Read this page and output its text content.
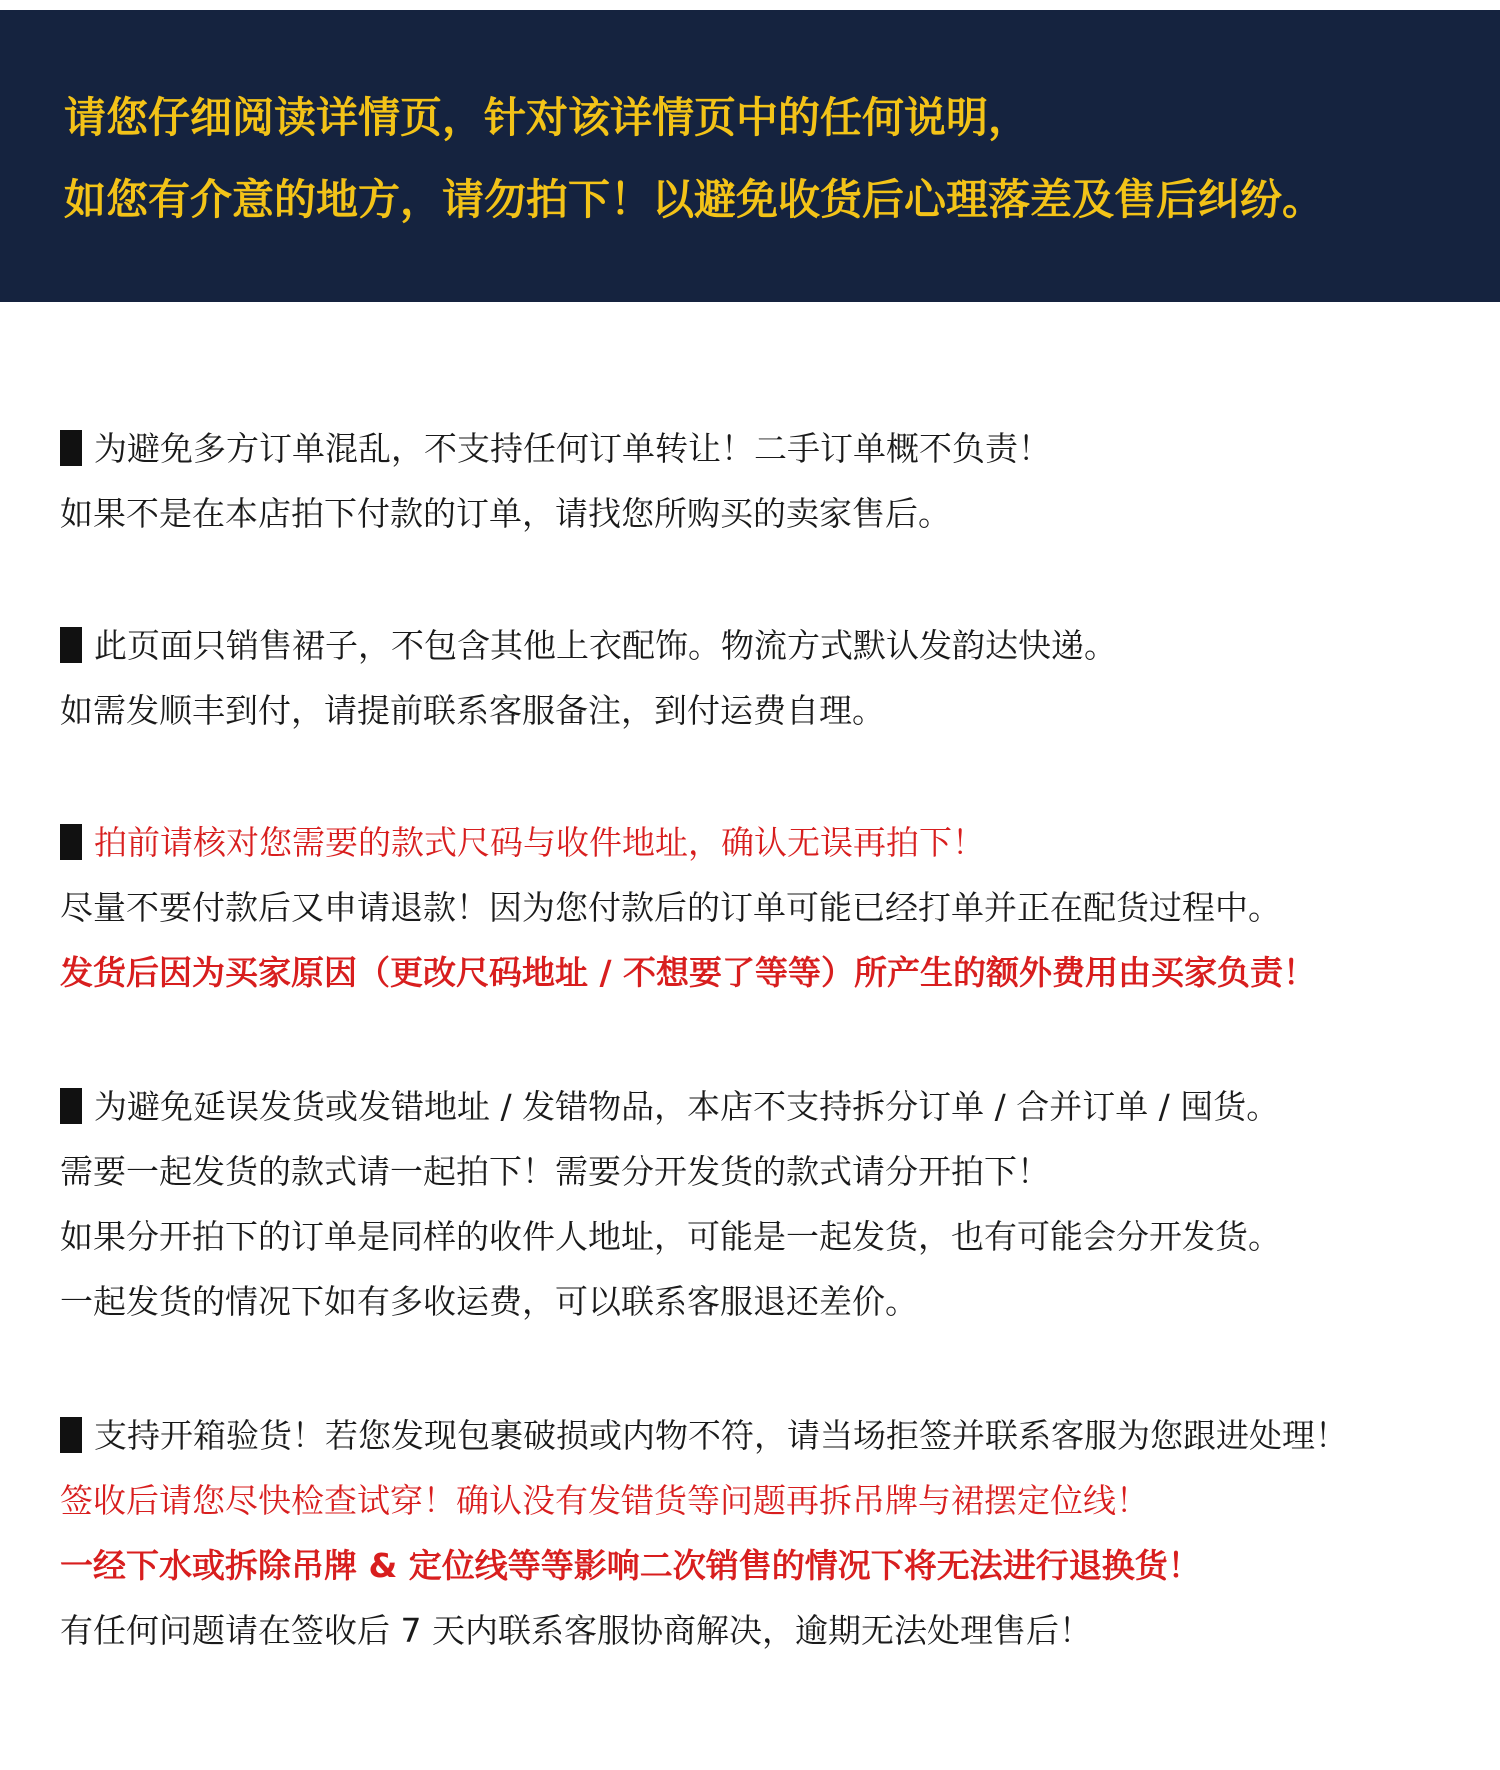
请您仔细阅读详情页，针对该详情页中的任何说明，

如您有介意的地方，请勿拍下！以避免收货后心理落差及售后纠纷。

为避免多方订单混乱，不支持任何订单转让！二手订单概不负责！

如果不是在本店拍下付款的订单，请找您所购买的卖家售后。

此页面只销售裙子，不包含其他上衣配饰。物流方式默认发韵达快递。

如需发顺丰到付，请提前联系客服备注，到付运费自理。

拍前请核对您需要的款式尺码与收件地址，确认无误再拍下！

尽量不要付款后又申请退款！因为您付款后的订单可能已经打单并正在配货过程中。

发货后因为买家原因（更改尺码地址 / 不想要了等等）所产生的额外费用由买家负责！

为避免延误发货或发错地址 / 发错物品，本店不支持拆分订单 / 合并订单 / 囤货。

需要一起发货的款式请一起拍下！需要分开发货的款式请分开拍下！

如果分开拍下的订单是同样的收件人地址，可能是一起发货，也有可能会分开发货。

一起发货的情况下如有多收运费，可以联系客服退还差价。

支持开箱验货！若您发现包裹破损或内物不符，请当场拒签并联系客服为您跟进处理！

签收后请您尽快检查试穿！确认没有发错货等问题再拆吊牌与裙摆定位线！

一经下水或拆除吊牌 & 定位线等等影响二次销售的情况下将无法进行退换货！

有任何问题请在签收后 7 天内联系客服协商解决，逾期无法处理售后！
